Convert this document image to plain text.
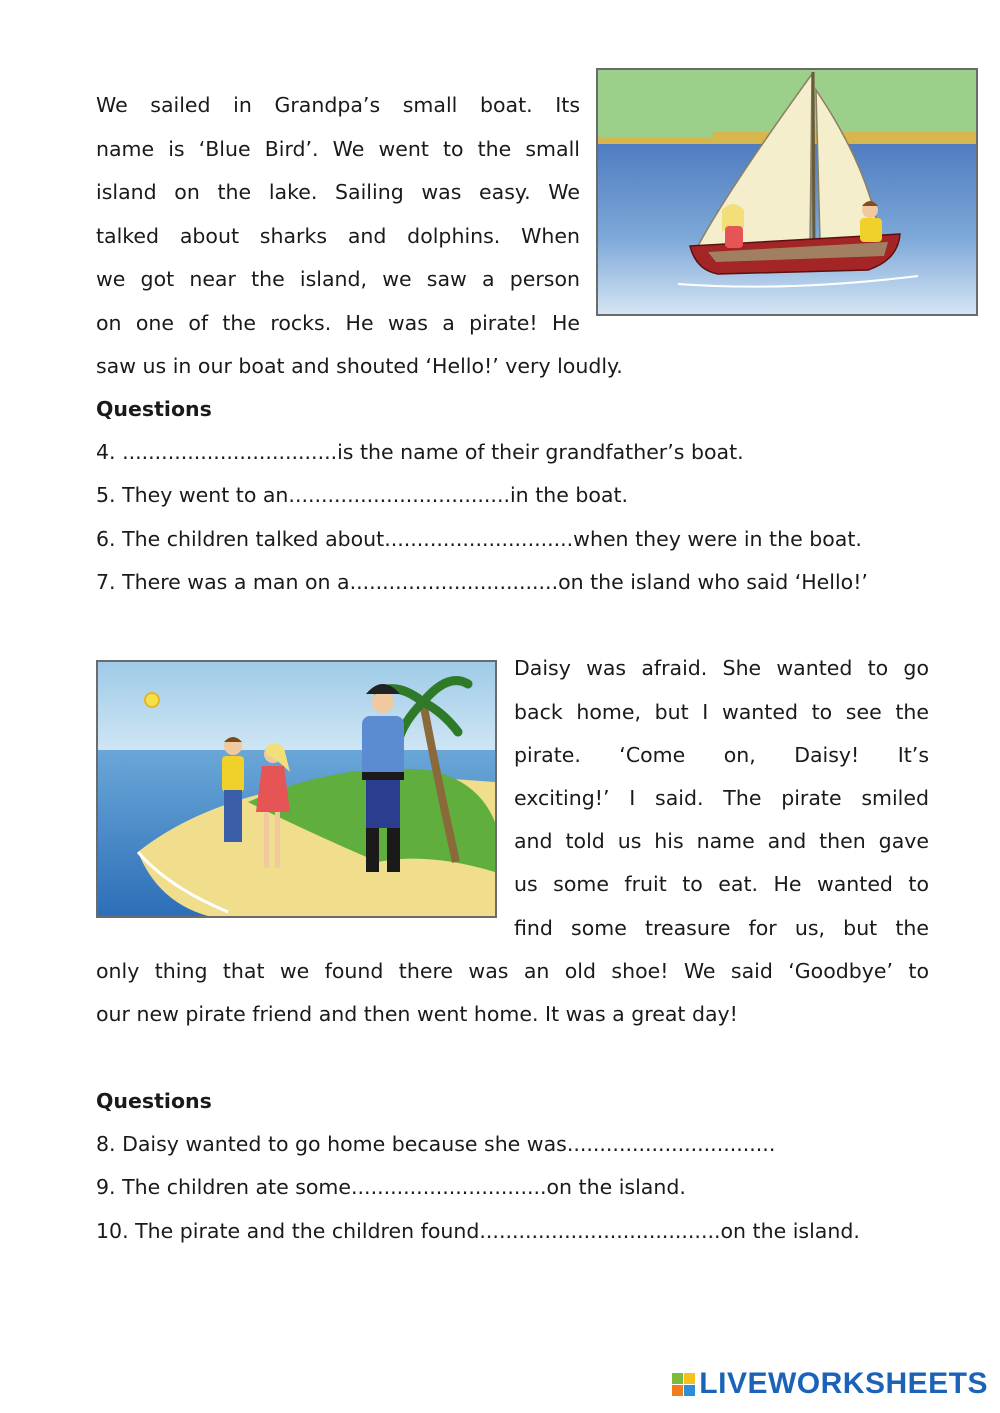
We sailed in Grandpa’s small boat. Its
name is ‘Blue Bird’. We went to the small
island on the lake. Sailing was easy. We
talked about sharks and dolphins. When
we got near the island, we saw a person
on one of the rocks. He was a pirate! He
saw us in our boat and shouted ‘Hello!’ very loudly.
Questions
4. .................................is the name of their grandfather’s boat.
5. They went to an..................................in the boat.
6. The children talked about.............................when they were in the boat.
7. There was a man on a................................on the island who said ‘Hello!’
Daisy was afraid. She wanted to go
back home, but I wanted to see the
pirate. ‘Come on, Daisy! It’s
exciting!’ I said. The pirate smiled
and told us his name and then gave
us some fruit to eat. He wanted to
find some treasure for us, but the
only thing that we found there was an old shoe! We said ‘Goodbye’ to
our new pirate friend and then went home. It was a great day!
Questions
8. Daisy wanted to go home because she was................................
9. The children ate some..............................on the island.
10. The pirate and the children found.....................................on the island.
LIVEWORKSHEETS
